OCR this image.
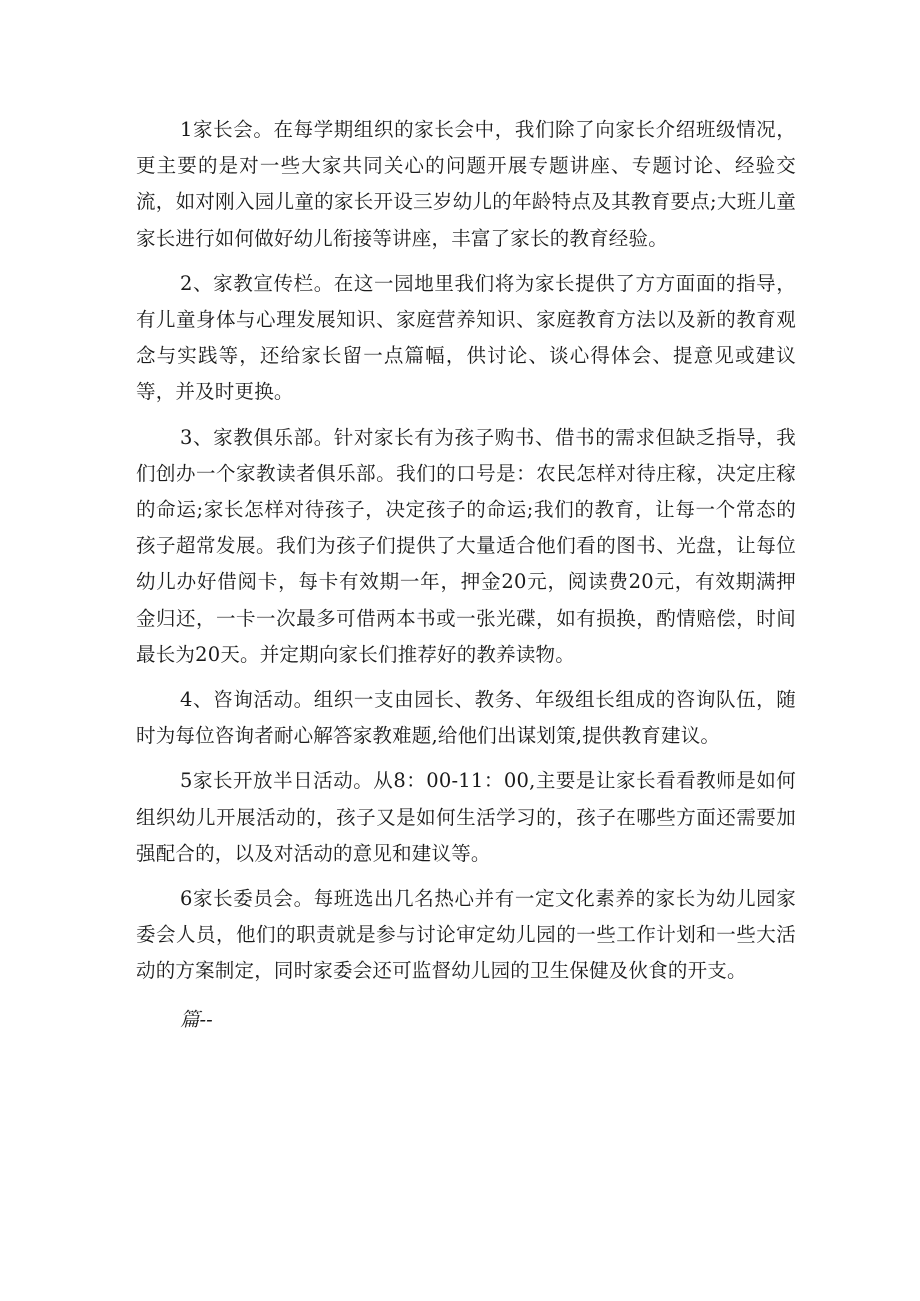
1家长会。在每学期组织的家长会中，我们除了向家长介绍班级情况，更主要的是对一些大家共同关心的问题开展专题讲座、专题讨论、经验交流，如对刚入园儿童的家长开设三岁幼儿的年龄特点及其教育要点;大班儿童家长进行如何做好幼儿衔接等讲座，丰富了家长的教育经验。

2、家教宣传栏。在这一园地里我们将为家长提供了方方面面的指导，有儿童身体与心理发展知识、家庭营养知识、家庭教育方法以及新的教育观念与实践等，还给家长留一点篇幅，供讨论、谈心得体会、提意见或建议等，并及时更换。

3、家教俱乐部。针对家长有为孩子购书、借书的需求但缺乏指导，我们创办一个家教读者俱乐部。我们的口号是：农民怎样对待庄稼，决定庄稼的命运;家长怎样对待孩子，决定孩子的命运;我们的教育，让每一个常态的孩子超常发展。我们为孩子们提供了大量适合他们看的图书、光盘，让每位幼儿办好借阅卡，每卡有效期一年，押金20元，阅读费20元，有效期满押金归还，一卡一次最多可借两本书或一张光碟，如有损换，酌情赔偿，时间最长为20天。并定期向家长们推荐好的教养读物。

4、咨询活动。组织一支由园长、教务、年级组长组成的咨询队伍，随时为每位咨询者耐心解答家教难题,给他们出谋划策,提供教育建议。

5家长开放半日活动。从8：00-11：00,主要是让家长看看教师是如何组织幼儿开展活动的，孩子又是如何生活学习的，孩子在哪些方面还需要加强配合的，以及对活动的意见和建议等。

6家长委员会。每班选出几名热心并有一定文化素养的家长为幼儿园家委会人员，他们的职责就是参与讨论审定幼儿园的一些工作计划和一些大活动的方案制定，同时家委会还可监督幼儿园的卫生保健及伙食的开支。

篇--
